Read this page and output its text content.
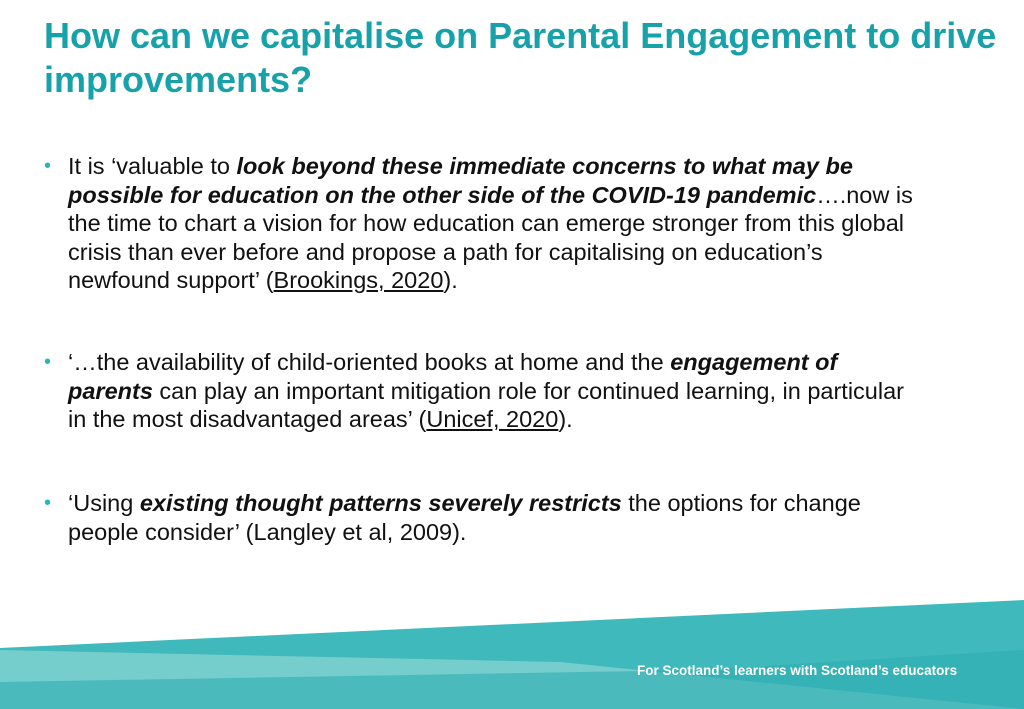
How can we capitalise on Parental Engagement to drive improvements?
• It is ‘valuable to look beyond these immediate concerns to what may be possible for education on the other side of the COVID-19 pandemic….now is the time to chart a vision for how education can emerge stronger from this global crisis than ever before and propose a path for capitalising on education’s newfound support’ (Brookings, 2020).
• ‘…the availability of child-oriented books at home and the engagement of parents can play an important mitigation role for continued learning, in particular in the most disadvantaged areas’ (Unicef, 2020).
• ‘Using existing thought patterns severely restricts the options for change people consider’ (Langley et al, 2009).
For Scotland’s learners with Scotland’s educators
